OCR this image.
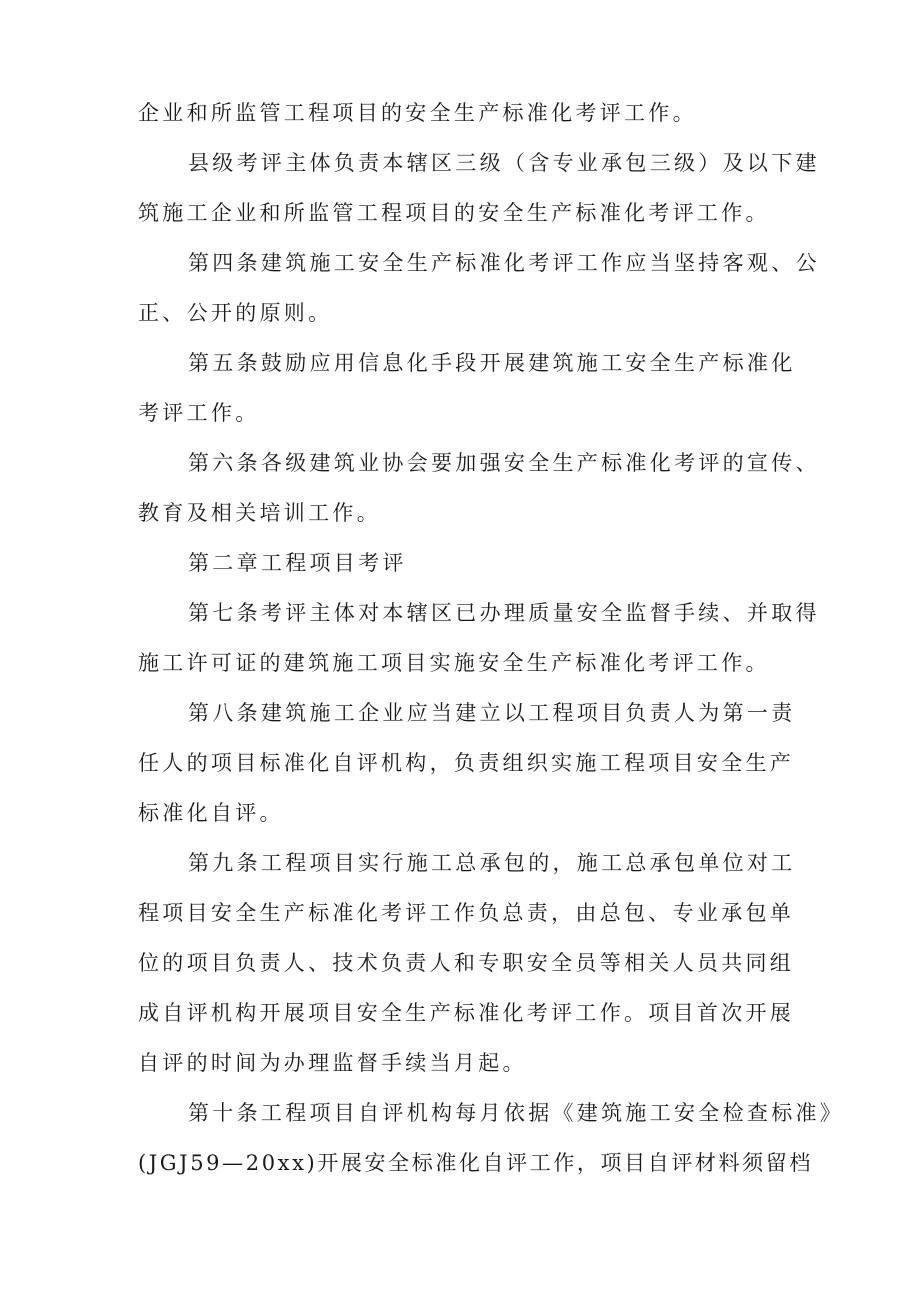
企业和所监管工程项目的安全生产标准化考评工作。

县级考评主体负责本辖区三级（含专业承包三级）及以下建

筑施工企业和所监管工程项目的安全生产标准化考评工作。

第四条建筑施工安全生产标准化考评工作应当坚持客观、公

正、公开的原则。

第五条鼓励应用信息化手段开展建筑施工安全生产标准化

考评工作。

第六条各级建筑业协会要加强安全生产标准化考评的宣传、

教育及相关培训工作。

第二章工程项目考评

第七条考评主体对本辖区已办理质量安全监督手续、并取得

施工许可证的建筑施工项目实施安全生产标准化考评工作。

第八条建筑施工企业应当建立以工程项目负责人为第一责

任人的项目标准化自评机构，负责组织实施工程项目安全生产

标准化自评。

第九条工程项目实行施工总承包的，施工总承包单位对工

程项目安全生产标准化考评工作负总责，由总包、专业承包单

位的项目负责人、技术负责人和专职安全员等相关人员共同组

成自评机构开展项目安全生产标准化考评工作。项目首次开展

自评的时间为办理监督手续当月起。

第十条工程项目自评机构每月依据《建筑施工安全检查标准》

(JGJ59—20xx)开展安全标准化自评工作，项目自评材料须留档
